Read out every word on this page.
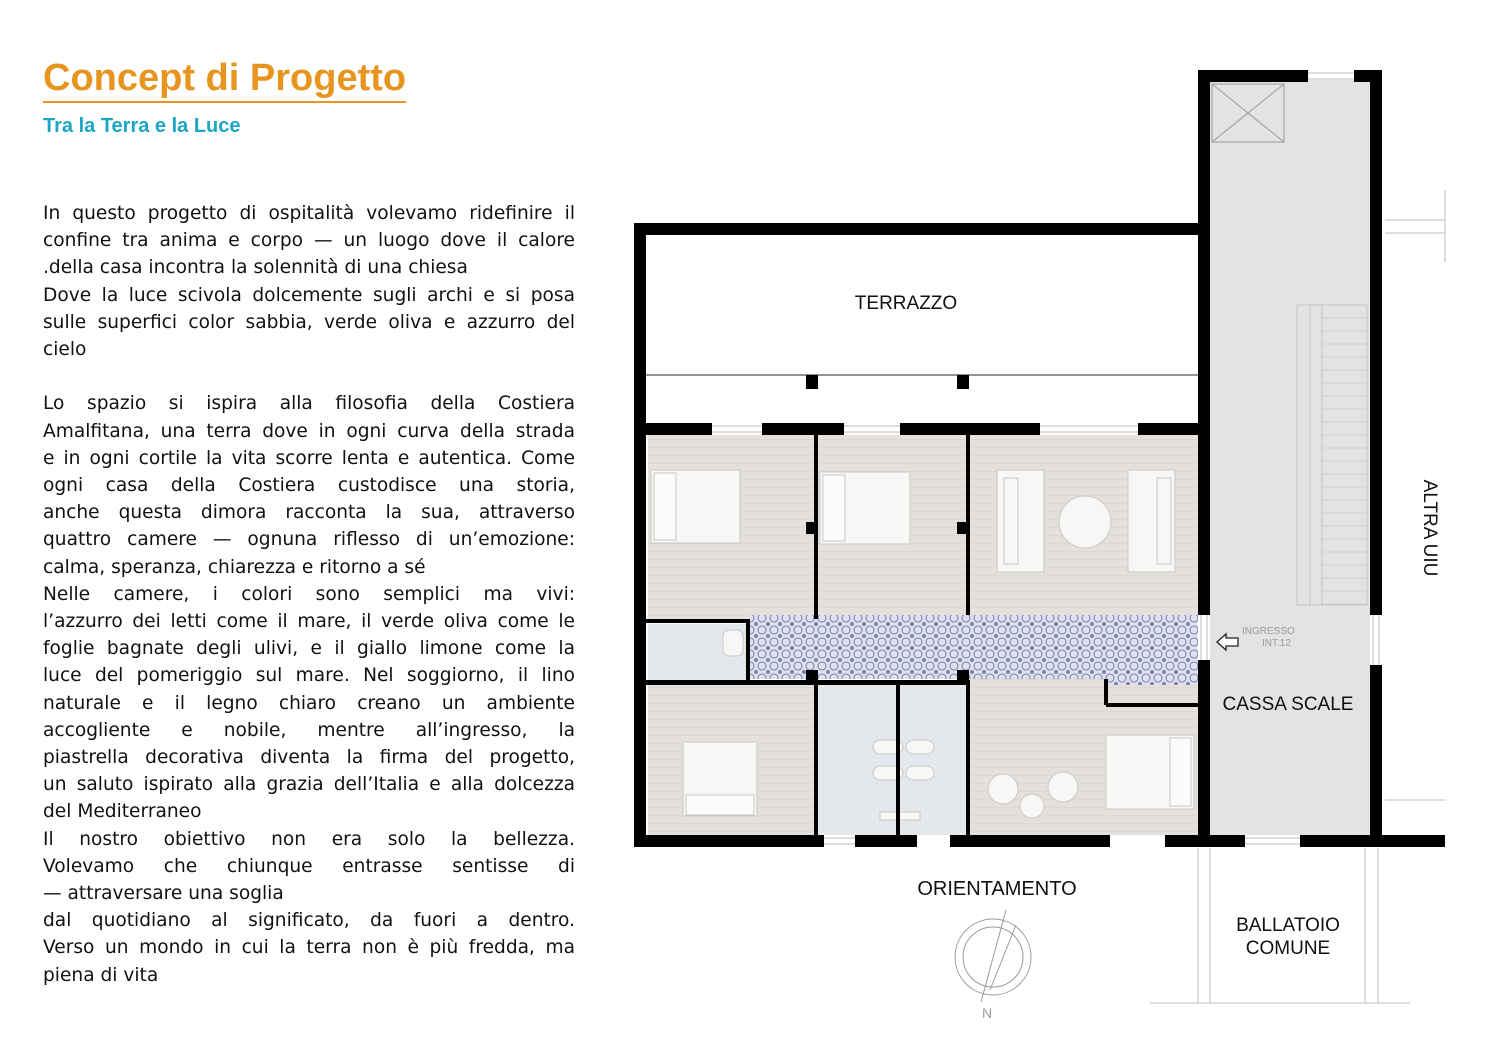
Concept di Progetto
Tra la Terra e la Luce

In questo progetto di ospitalità volevamo ridefinire il

confine tra anima e corpo — un luogo dove il calore

.della casa incontra la solennità di una chiesa

Dove la luce scivola dolcemente sugli archi e si posa

sulle superfici color sabbia, verde oliva e azzurro del

cielo

Lo spazio si ispira alla filosofia della Costiera

Amalfitana, una terra dove in ogni curva della strada

e in ogni cortile la vita scorre lenta e autentica. Come

ogni casa della Costiera custodisce una storia,

anche questa dimora racconta la sua, attraverso

quattro camere — ognuna riflesso di un’emozione:

calma, speranza, chiarezza e ritorno a sé

Nelle camere, i colori sono semplici ma vivi:

l’azzurro dei letti come il mare, il verde oliva come le

foglie bagnate degli ulivi, e il giallo limone come la

luce del pomeriggio sul mare. Nel soggiorno, il lino

naturale e il legno chiaro creano un ambiente

accogliente e nobile, mentre all’ingresso, la

piastrella decorativa diventa la firma del progetto,

un saluto ispirato alla grazia dell’Italia e alla dolcezza

del Mediterraneo

Il nostro obiettivo non era solo la bellezza.

Volevamo che chiunque entrasse sentisse di

— attraversare una soglia

dal quotidiano al significato, da fuori a dentro.

Verso un mondo in cui la terra non è più fredda, ma

piena di vita

TERRAZZO
CASSA SCALE
ALTRA UIU
INGRESSO
INT.12
BALLATOIO
COMUNE
ORIENTAMENTO
N
